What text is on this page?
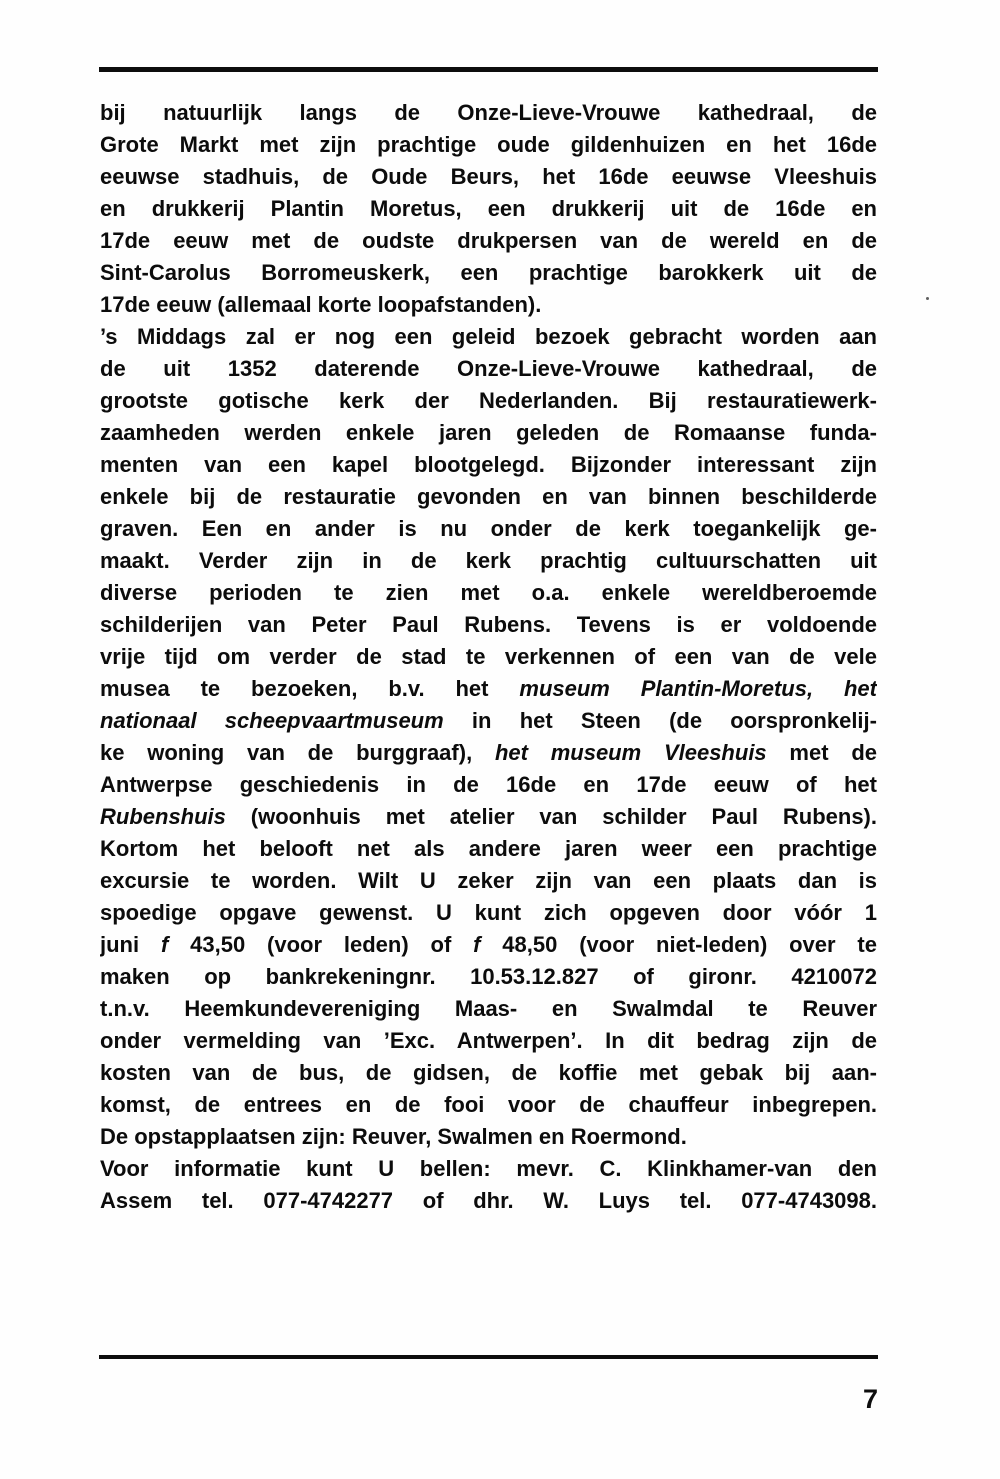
bij natuurlijk langs de Onze-Lieve-Vrouwe kathedraal, de
Grote Markt met zijn prachtige oude gildenhuizen en het 16de
eeuwse stadhuis, de Oude Beurs, het 16de eeuwse Vleeshuis
en drukkerij Plantin Moretus, een drukkerij uit de 16de en
17de eeuw met de oudste drukpersen van de wereld en de
Sint-Carolus Borromeuskerk, een prachtige barokkerk uit de
17de eeuw (allemaal korte loopafstanden).
’s Middags zal er nog een geleid bezoek gebracht worden aan
de uit 1352 daterende Onze-Lieve-Vrouwe kathedraal, de
grootste gotische kerk der Nederlanden. Bij restauratiewerk-
zaamheden werden enkele jaren geleden de Romaanse funda-
menten van een kapel blootgelegd. Bijzonder interessant zijn
enkele bij de restauratie gevonden en van binnen beschilderde
graven. Een en ander is nu onder de kerk toegankelijk ge-
maakt. Verder zijn in de kerk prachtig cultuurschatten uit
diverse perioden te zien met o.a. enkele wereldberoemde
schilderijen van Peter Paul Rubens. Tevens is er voldoende
vrije tijd om verder de stad te verkennen of een van de vele
musea te bezoeken, b.v. het museum Plantin-Moretus, het
nationaal scheepvaartmuseum in het Steen (de oorspronkelij-
ke woning van de burggraaf), het museum Vleeshuis met de
Antwerpse geschiedenis in de 16de en 17de eeuw of het
Rubenshuis (woonhuis met atelier van schilder Paul Rubens).
Kortom het belooft net als andere jaren weer een prachtige
excursie te worden. Wilt U zeker zijn van een plaats dan is
spoedige opgave gewenst. U kunt zich opgeven door vóór 1
juni f 43,50 (voor leden) of f 48,50 (voor niet-leden) over te
maken op bankrekeningnr. 10.53.12.827 of gironr. 4210072
t.n.v. Heemkundevereniging Maas- en Swalmdal te Reuver
onder vermelding van ’Exc. Antwerpen’. In dit bedrag zijn de
kosten van de bus, de gidsen, de koffie met gebak bij aan-
komst, de entrees en de fooi voor de chauffeur inbegrepen.
De opstapplaatsen zijn: Reuver, Swalmen en Roermond.
Voor informatie kunt U bellen: mevr. C. Klinkhamer-van den
Assem tel. 077-4742277 of dhr. W. Luys tel. 077-4743098.
7
